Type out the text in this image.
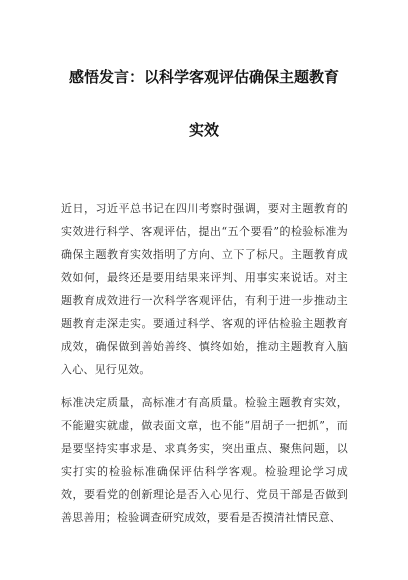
感悟发言：以科学客观评估确保主题教育
实效

近日，习近平总书记在四川考察时强调，要对主题教育的实效进行科学、客观评估，提出“五个要看”的检验标准为确保主题教育实效指明了方向、立下了标尺。主题教育成效如何，最终还是要用结果来评判、用事实来说话。对主题教育成效进行一次科学客观评估，有利于进一步推动主题教育走深走实。要通过科学、客观的评估检验主题教育成效，确保做到善始善终、慎终如始，推动主题教育入脑入心、见行见效。

标准决定质量，高标准才有高质量。检验主题教育实效，不能避实就虚，做表面文章，也不能“眉胡子一把抓”，而是要坚持实事求是、求真务实，突出重点、聚焦问题，以实打实的检验标准确保评估科学客观。检验理论学习成效，要看党的创新理论是否入心见行、党员干部是否做到善思善用；检验调查研究成效，要看是否摸清社情民意、
